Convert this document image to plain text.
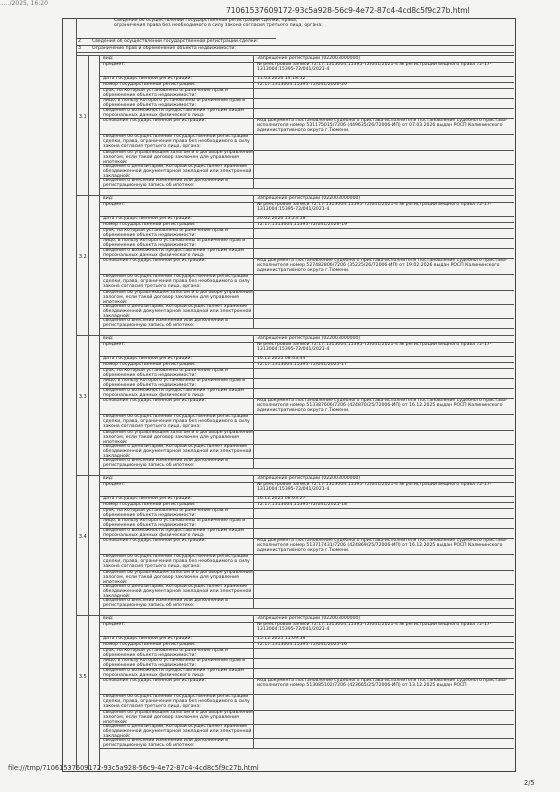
...../2025, 16:20
71061537609172-93c5a928-56c9-4e72-87c4-4cd8c5f9c27b.html
Сведения об осуществлении государственной регистрации сделки, права, ограничения права без необходимого в силу закона согласия третьего лица, органа:
2 Сведения об осуществлении государственной регистрации сделки:
3 Ограничение прав и обременение объекта недвижимости:
3.1
вид:	Запрещение регистрации (022003000000)
предмет:	№ реестровой записи 72:17:1313004:15395-72/041/2021-4 № регистрации вещного права 72-17-1313004:15395-72/041/2021-4
дата государственной регистрации:	11.03.2026 14:18:52
номер государственной регистрации:	72:17:1313004:15395-72/041/2026-20
срок, на который установлены ограничение прав и обременение объекта недвижимости:
лицо, в пользу которого установлены ограничение прав и обременение объекта недвижимости:
сведения о возможности предоставления третьим лицам персональных данных физического лица
основание государственной регистрации:	Код документа Постановление судебного пристава-исполнителя Постановление судебного пристава-исполнителя номер 531175015/7206 (449635/26/72006-ИП) от 07.03.2026 выдан РОСП Калининского административного округа г.Тюмени.
сведения об осуществлении государственной регистрации сделки, права, ограничения права без необходимого в силу закона согласия третьего лица, органа:
сведения об управляющем залогом и о договоре управления залогом, если такой договор заключен для управления ипотекой:
сведения о депозитарии, который осуществляет хранение обездвиженной документарной закладной или электронной закладной:
сведения о внесении изменений или дополнений в регистрационную запись об ипотеке:
3.2
вид:	Запрещение регистрации (022003000000)
предмет:	№ реестровой записи 72:17:1313004:15395-72/041/2021-4 № регистрации вещного права 72-17-1313004:15395-72/041/2021-4
дата государственной регистрации:	20.02.2026 13:23:58
номер государственной регистрации:	72:17:1313004:15395-72/041/2026-19
срок, на который установлены ограничение прав и обременение объекта недвижимости:
лицо, в пользу которого установлены ограничение прав и обременение объекта недвижимости:
сведения о возможности предоставления третьим лицам персональных данных физического лица
основание государственной регистрации:	Код документа Постановление судебного пристава-исполнителя Постановление судебного пристава-исполнителя номер 527482806/7206 (35225/26/72006-ИП) от 19.02.2026 выдан РОСП Калининского административного округа г.Тюмени.
сведения об осуществлении государственной регистрации сделки, права, ограничения права без необходимого в силу закона согласия третьего лица, органа:
сведения об управляющем залогом и о договоре управления залогом, если такой договор заключен для управления ипотекой:
сведения о депозитарии, который осуществляет хранение обездвиженной документарной закладной или электронной закладной:
сведения о внесении изменений или дополнений в регистрационную запись об ипотеке:
3.3
вид:	Запрещение регистрации (022003000000)
предмет:	№ реестровой записи 72:17:1313004:15395-72/041/2021-4 № регистрации вещного права 72-17-1313004:15395-72/041/2021-4
дата государственной регистрации:	16.12.2025 08:43:44
номер государственной регистрации:	72:17:1313004:15395-72/041/2025-17
срок, на который установлены ограничение прав и обременение объекта недвижимости:
лицо, в пользу которого установлены ограничение прав и обременение объекта недвижимости:
сведения о возможности предоставления третьим лицам персональных данных физического лица
основание государственной регистрации:	Код документа Постановление судебного пристава-исполнителя Постановление судебного пристава-исполнителя номер 513387606/7206 (424870/25/72006-ИП) от 16.12.2025 выдан РОСП Калининского административного округа г.Тюмени.
сведения об осуществлении государственной регистрации сделки, права, ограничения права без необходимого в силу закона согласия третьего лица, органа:
сведения об управляющем залогом и о договоре управления залогом, если такой договор заключен для управления ипотекой:
сведения о депозитарии, который осуществляет хранение обездвиженной документарной закладной или электронной закладной:
сведения о внесении изменений или дополнений в регистрационную запись об ипотеке:
3.4
вид:	Запрещение регистрации (022003000000)
предмет:	№ реестровой записи 72:17:1313004:15395-72/041/2021-4 № регистрации вещного права 72-17-1313004:15395-72/041/2021-4
дата государственной регистрации:	16.12.2025 08:03:27
номер государственной регистрации:	72:17:1313004:15395-72/041/2025-18
срок, на который установлены ограничение прав и обременение объекта недвижимости:
лицо, в пользу которого установлены ограничение прав и обременение объекта недвижимости:
сведения о возможности предоставления третьим лицам персональных данных физического лица
основание государственной регистрации:	Код документа Постановление судебного пристава-исполнителя Постановление судебного пристава-исполнителя номер 513717431/7206 (424869/25/72006-ИП) от 16.12.2025 выдан РОСП Калининского административного округа г.Тюмени.
сведения об осуществлении государственной регистрации сделки, права, ограничения права без необходимого в силу закона согласия третьего лица, органа:
сведения об управляющем залогом и о договоре управления залогом, если такой договор заключен для управления ипотекой:
сведения о депозитарии, который осуществляет хранение обездвиженной документарной закладной или электронной закладной:
сведения о внесении изменений или дополнений в регистрационную запись об ипотеке:
3.5
вид:	Запрещение регистрации (022003000000)
предмет:	№ реестровой записи 72:17:1313004:15395-72/041/2021-4 № регистрации вещного права 72-17-1313004:15395-72/041/2021-4
дата государственной регистрации:	15.12.2025 11:09:38
номер государственной регистрации:	72:17:1313004:15395-72/041/2025-16
срок, на который установлены ограничение прав и обременение объекта недвижимости:
лицо, в пользу которого установлены ограничение прав и обременение объекта недвижимости:
сведения о возможности предоставления третьим лицам персональных данных физического лица
основание государственной регистрации:	Код документа Постановление судебного пристава-исполнителя Постановление судебного пристава-исполнителя номер 513085102/7206 (423665/25/72006-ИП) от 13.12.2025 выдан РОСП
сведения об осуществлении государственной регистрации сделки, права, ограничения права без необходимого в силу закона согласия третьего лица, органа:
сведения об управляющем залогом и о договоре управления залогом, если такой договор заключен для управления ипотекой:
сведения о депозитарии, который осуществляет хранение обездвиженной документарной закладной или электронной закладной:
сведения о внесении изменений или дополнений в регистрационную запись об ипотеке:
file:///tmp/71061537609172-93c5a928-56c9-4e72-87c4-4cd8c5f9c27b.html
2/5
